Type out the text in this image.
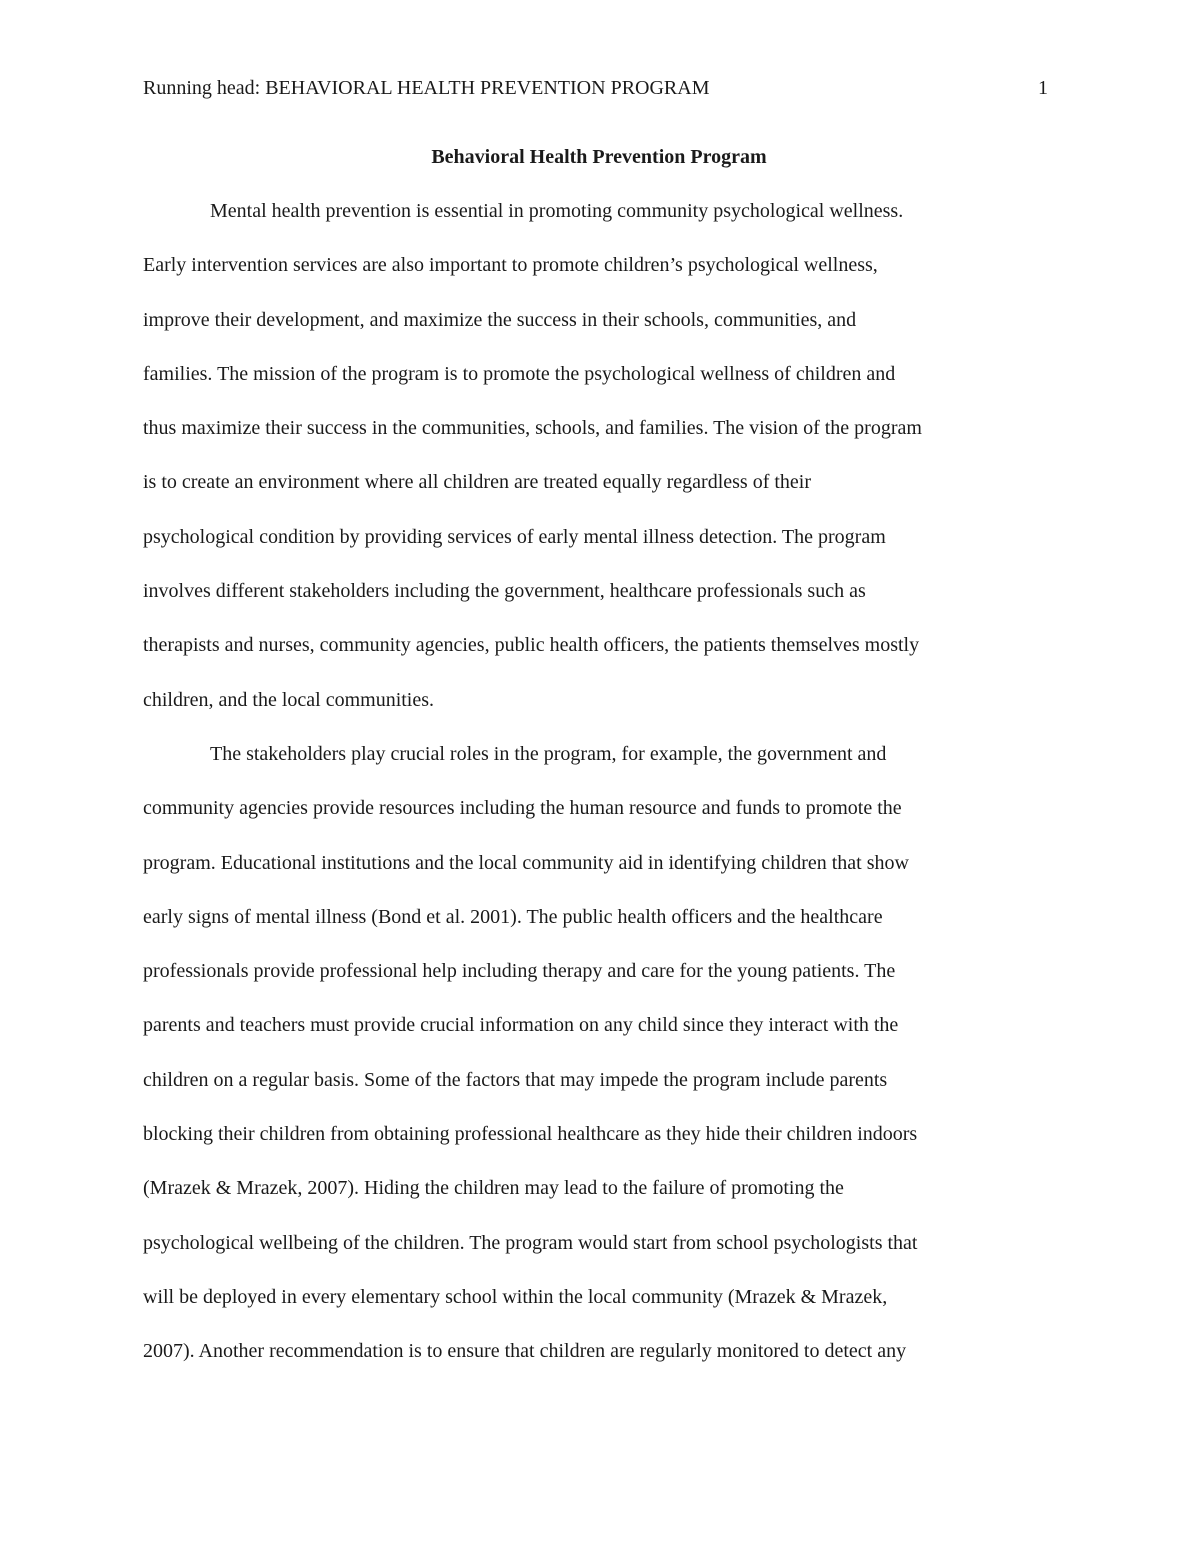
Running head: BEHAVIORAL HEALTH PREVENTION PROGRAM	1
Behavioral Health Prevention Program
Mental health prevention is essential in promoting community psychological wellness.
Early intervention services are also important to promote children’s psychological wellness,
improve their development, and maximize the success in their schools, communities, and
families. The mission of the program is to promote the psychological wellness of children and
thus maximize their success in the communities, schools, and families. The vision of the program
is to create an environment where all children are treated equally regardless of their
psychological condition by providing services of early mental illness detection. The program
involves different stakeholders including the government, healthcare professionals such as
therapists and nurses, community agencies, public health officers, the patients themselves mostly
children, and the local communities.
The stakeholders play crucial roles in the program, for example, the government and
community agencies provide resources including the human resource and funds to promote the
program. Educational institutions and the local community aid in identifying children that show
early signs of mental illness (Bond et al. 2001). The public health officers and the healthcare
professionals provide professional help including therapy and care for the young patients. The
parents and teachers must provide crucial information on any child since they interact with the
children on a regular basis. Some of the factors that may impede the program include parents
blocking their children from obtaining professional healthcare as they hide their children indoors
(Mrazek & Mrazek, 2007). Hiding the children may lead to the failure of promoting the
psychological wellbeing of the children. The program would start from school psychologists that
will be deployed in every elementary school within the local community (Mrazek & Mrazek,
2007). Another recommendation is to ensure that children are regularly monitored to detect any
